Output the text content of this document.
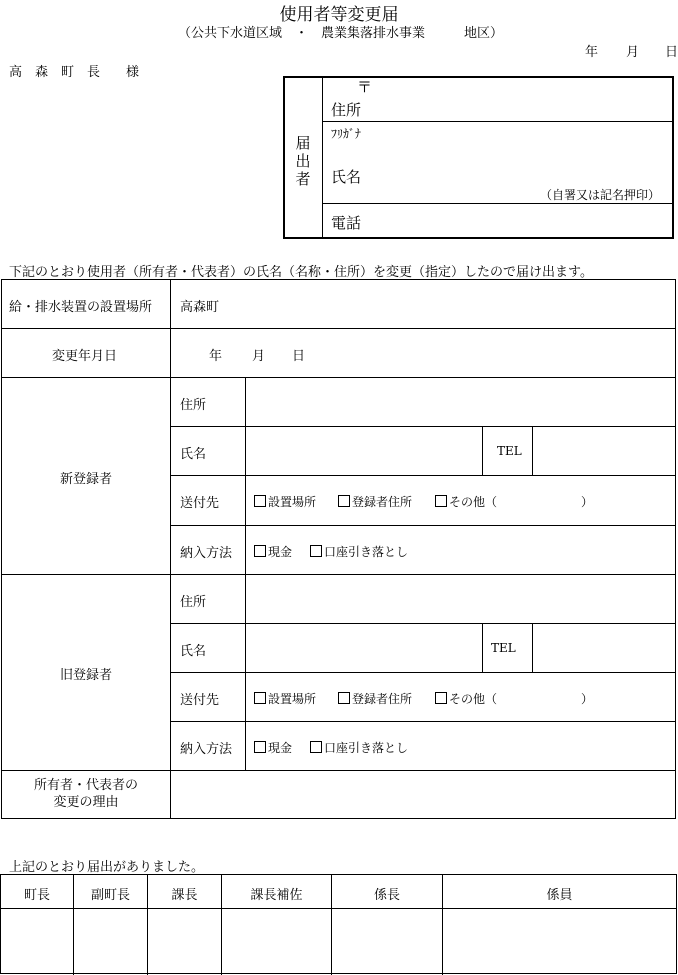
使用者等変更届
（公共下水道区域　・　農業集落排水事業　　　地区）
年 月 日
高　森　町　長　　様
届
出
者
〒
住所
ﾌﾘｶﾞﾅ
氏名
（自署又は記名押印）
電話
下記のとおり使用者（所有者・代表者）の氏名（名称・住所）を変更（指定）したので届け出ます。
給・排水装置の設置場所 高森町
変更年月日	年 月 日
新登録者
住所
氏名	TEL
送付先	設置場所	登録者住所	その他（　　　　　　　）
納入方法	現金	口座引き落とし
旧登録者
住所
氏名	TEL
送付先	設置場所	登録者住所	その他（　　　　　　　）
納入方法	現金	口座引き落とし
所有者・代表者の
変更の理由
上記のとおり届出がありました。
町長	副町長	課長	課長補佐	係長	係員
